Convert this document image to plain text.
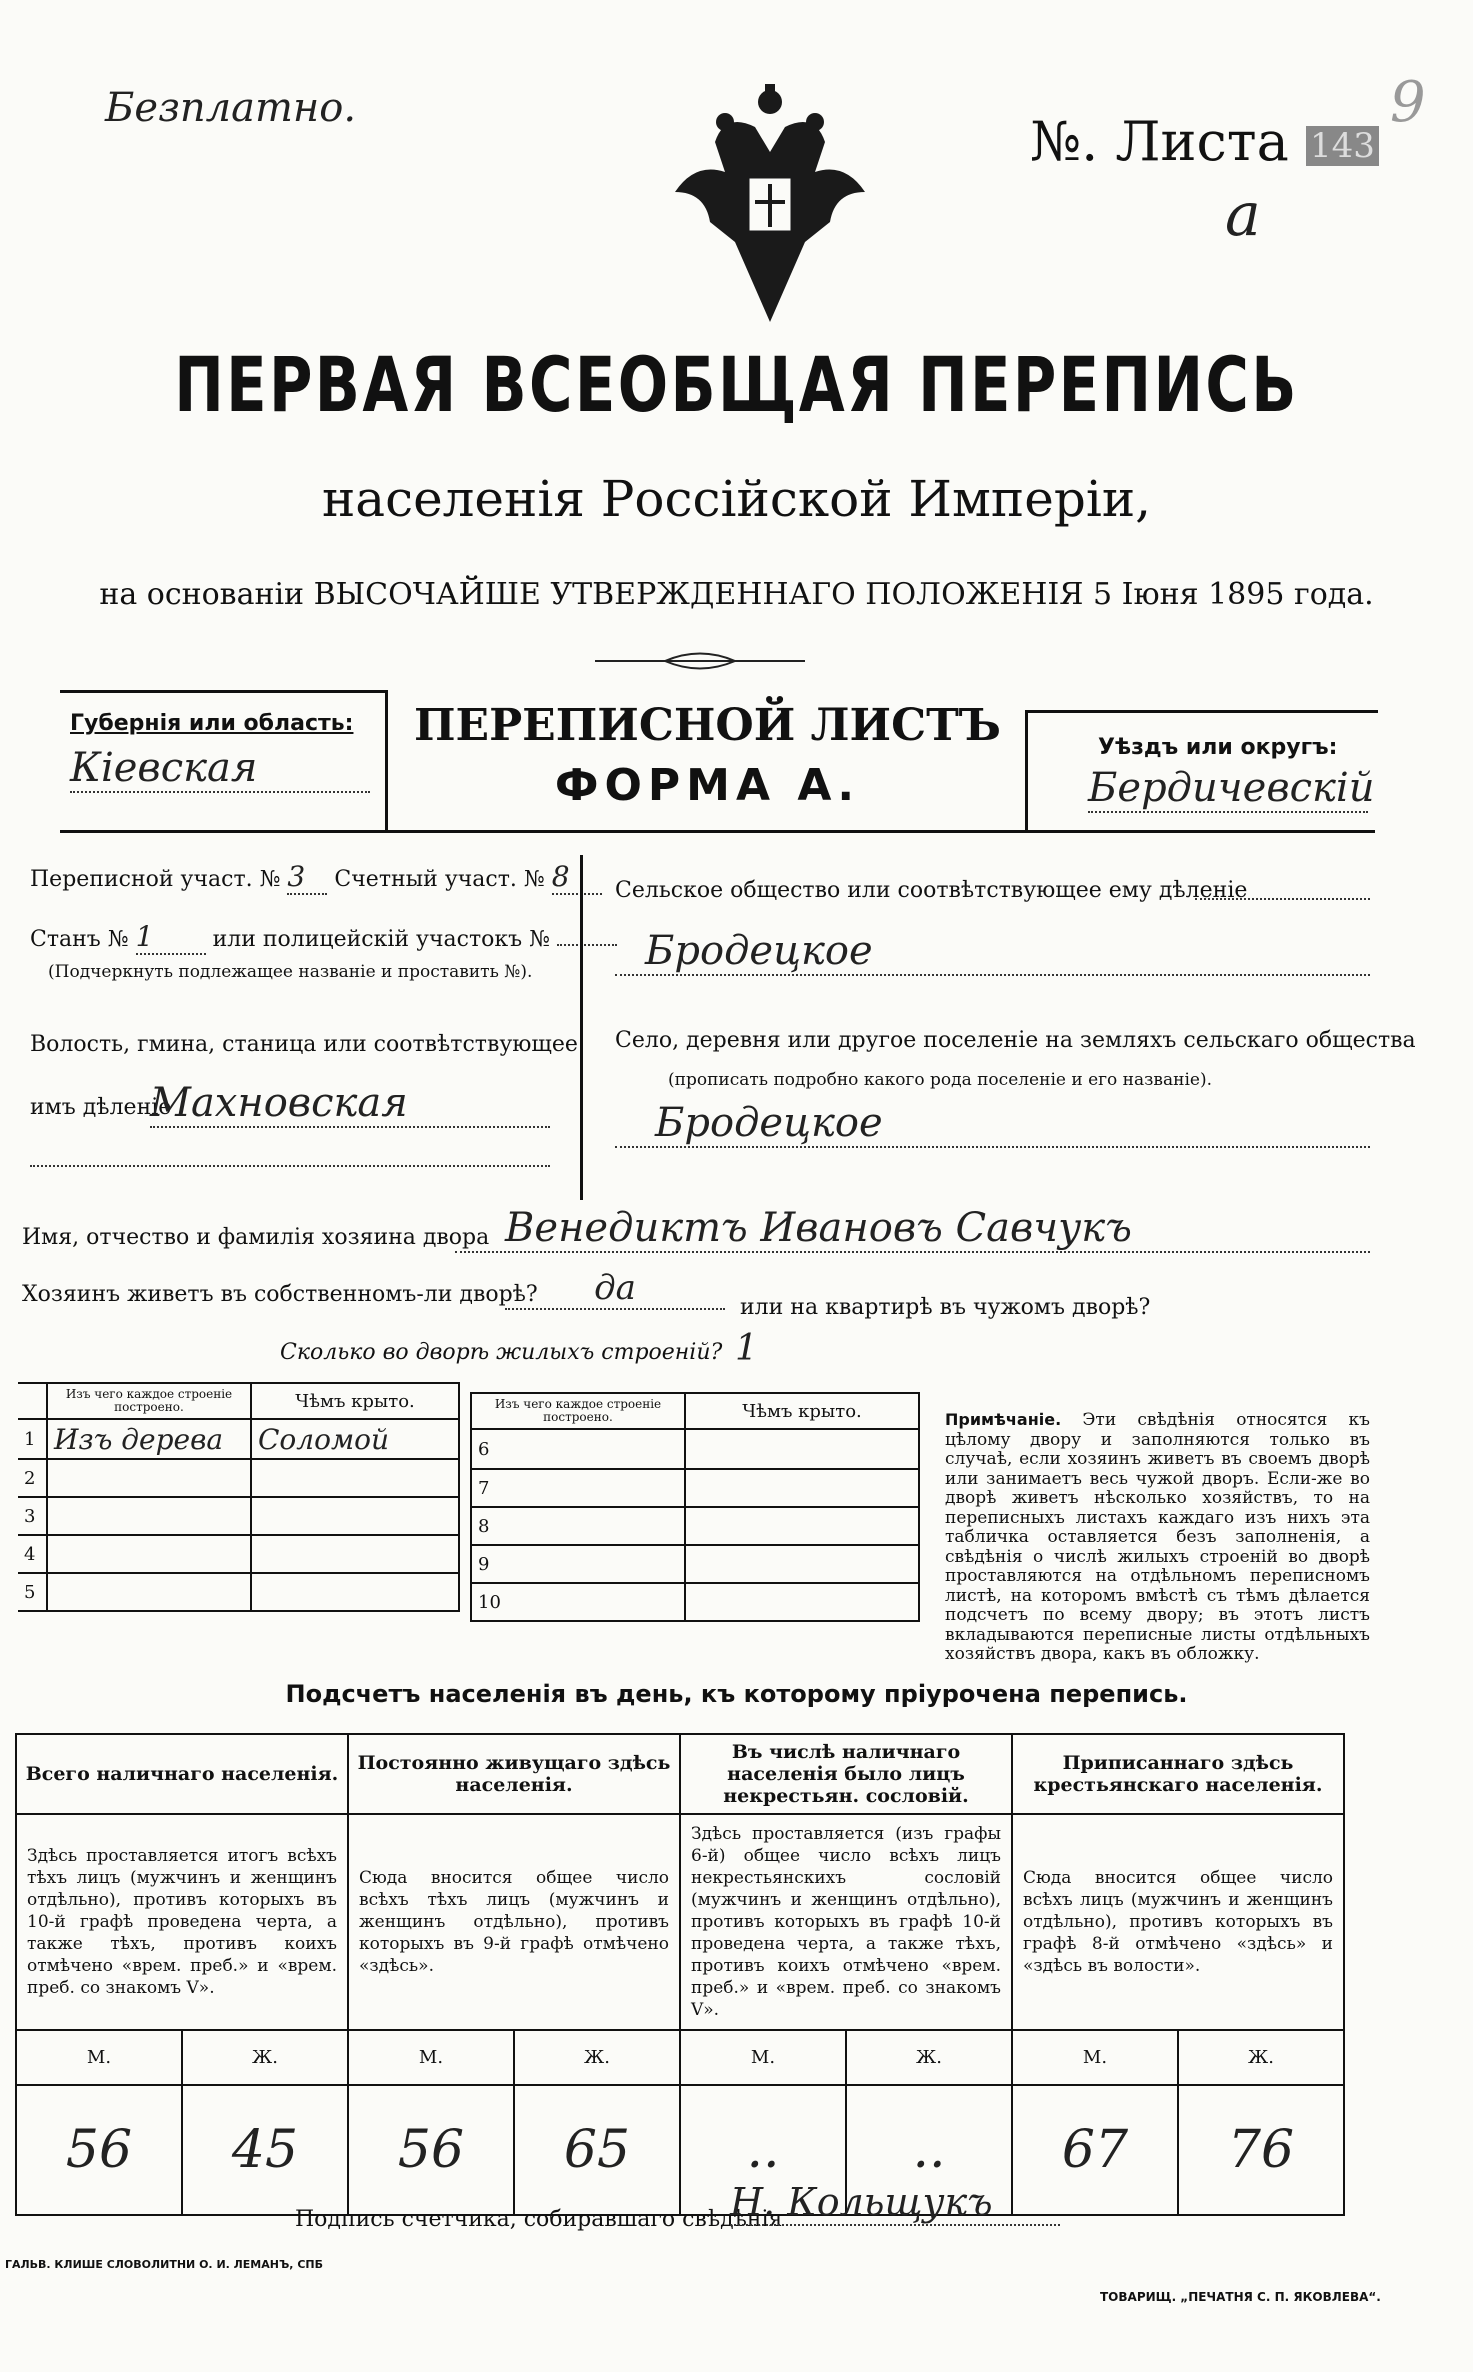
Безплатно.
№. Листа 143
а
9
ПЕРВАЯ ВСЕОБЩАЯ ПЕРЕПИСЬ
населенія Россійской Имперіи,
на основаніи ВЫСОЧАЙШЕ УТВЕРЖДЕННАГО ПОЛОЖЕНІЯ 5 Іюня 1895 года.
Губернія или область:
Кіевская
ПЕРЕПИСНОЙ ЛИСТЪ
ФОРМА А.
Уѣздъ или округъ:
Бердичевскій
Переписной участ. № 3 Счетный участ. № 8
Станъ № 1	или полицейскій участокъ №
(Подчеркнуть подлежащее названіе и проставить №).
Волость, гмина, станица или соотвѣтствующее
имъ дѣленіе
Махновская
Сельское общество или соотвѣтствующее ему дѣленіе
Бродецкое
Село, деревня или другое поселеніе на земляхъ сельскаго общества
(прописать подробно какого рода поселеніе и его названіе).
Бродецкое
Имя, отчество и фамилія хозяина двора Венедиктъ Ивановъ Савчукъ
Хозяинъ живетъ въ собственномъ-ли дворѣ?	да	или на квартирѣ въ чужомъ дворѣ?
Сколько во дворѣ жилыхъ строеній? 1
	Изъ чего каждое строеніе построено.	Чѣмъ крыто.
1	Изъ дерева	Соломой
2		
3		
4		
5		
Изъ чего каждое строеніе построено.	Чѣмъ крыто.
6	
7	
8	
9	
10	
Примѣчаніе. Эти свѣдѣнія относятся къ цѣлому двору и заполняются только въ случаѣ, если хозяинъ живетъ въ своемъ дворѣ или занимаетъ весь чужой дворъ. Если-же во дворѣ живетъ нѣсколько хозяйствъ, то на переписныхъ листахъ каждаго изъ нихъ эта табличка оставляется безъ заполненія, а свѣдѣнія о числѣ жилыхъ строеній во дворѣ проставляются на отдѣльномъ переписномъ листѣ, на которомъ вмѣстѣ съ тѣмъ дѣлается подсчетъ по всему двору; въ этотъ листъ вкладываются переписные листы отдѣльныхъ хозяйствъ двора, какъ въ обложку.
Подсчетъ населенія въ день, къ которому пріурочена перепись.
Всего наличнаго населенія.		Постоянно живущаго здѣсь населенія.		Въ числѣ наличнаго населенія было лицъ некрестьян. сословій.		Приписаннаго здѣсь крестьянскаго населенія.	
Здѣсь проставляется итогъ всѣхъ тѣхъ лицъ (мужчинъ и женщинъ отдѣльно), противъ которыхъ въ 10-й графѣ проведена черта, а также тѣхъ, противъ коихъ отмѣчено «врем. преб.» и «врем. преб. со знакомъ V».		Сюда вносится общее число всѣхъ тѣхъ лицъ (мужчинъ и женщинъ отдѣльно), противъ которыхъ въ 9-й графѣ отмѣчено «здѣсь».		Здѣсь проставляется (изъ графы 6-й) общее число всѣхъ лицъ некрестьянскихъ сословій (мужчинъ и женщинъ отдѣльно), противъ которыхъ въ графѣ 10-й проведена черта, а также тѣхъ, противъ коихъ отмѣчено «врем. преб.» и «врем. преб. со знакомъ V».		Сюда вносится общее число всѣхъ лицъ (мужчинъ и женщинъ отдѣльно), противъ которыхъ въ графѣ 8-й отмѣчено «здѣсь» и «здѣсь въ волости».	
М.	Ж.	М.	Ж.	М.	Ж.	М.	Ж.
56	45	56	65	..	..	67	76
Подпись счетчика, собиравшаго свѣдѣнія
Н. Кольщукъ
ГАЛЬВ. КЛИШЕ СЛОВОЛИТНИ О. И. ЛЕМАНЪ, СПБ
ТОВАРИЩ. „ПЕЧАТНЯ С. П. ЯКОВЛЕВА“.
